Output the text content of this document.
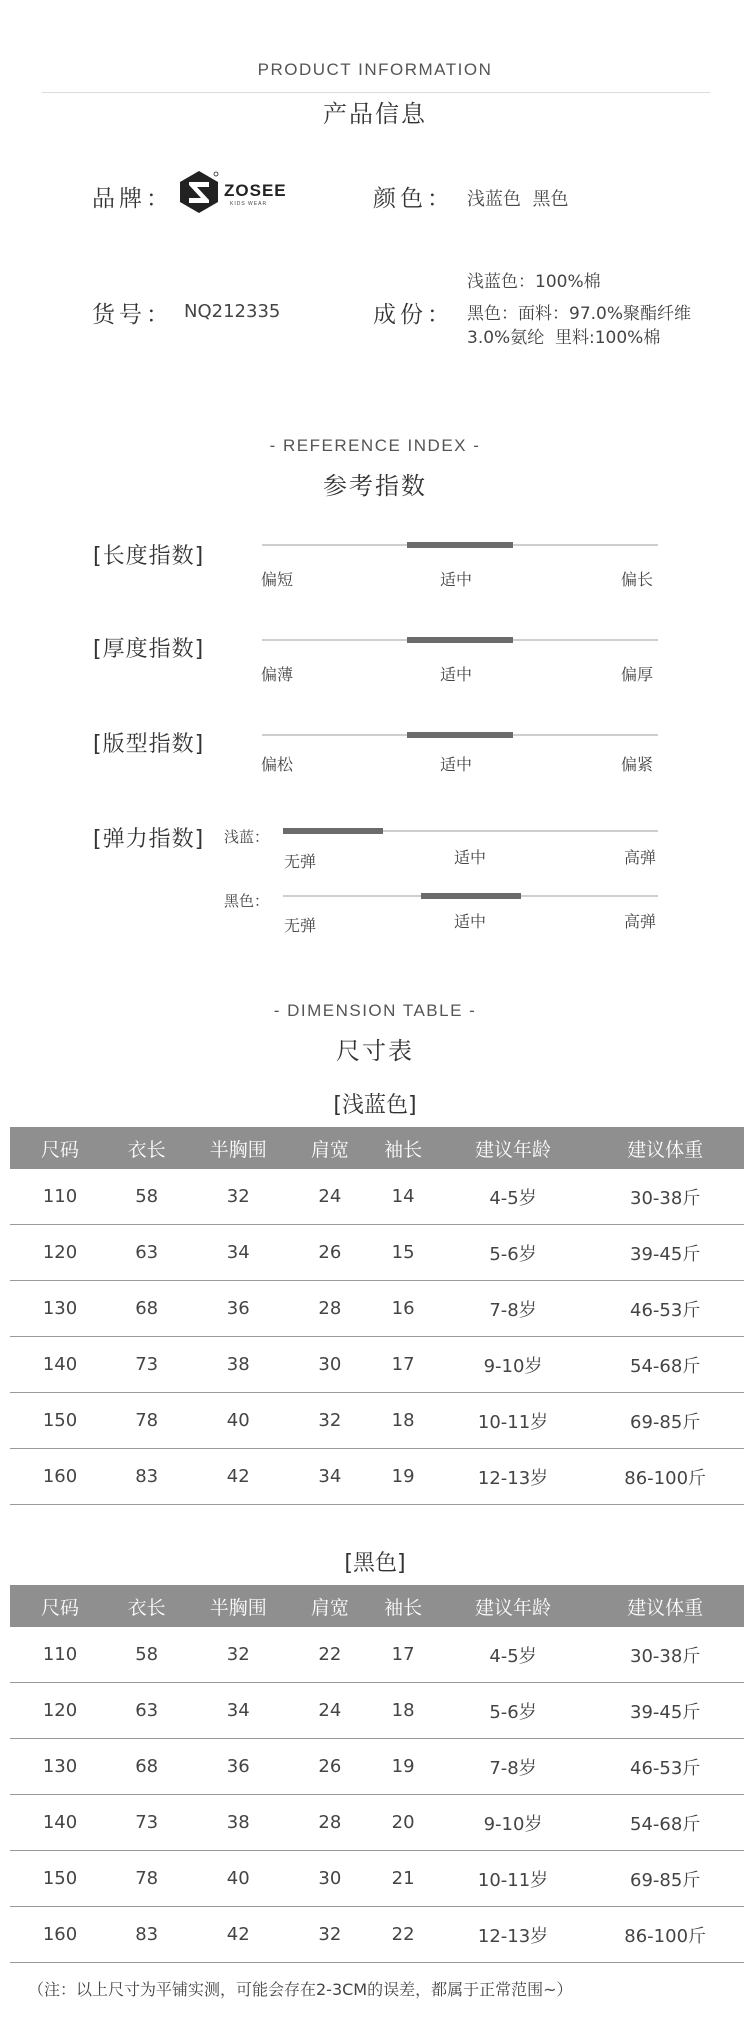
PRODUCT INFORMATION
产品信息
品牌：	ZOSEE
KIDS WEAR	颜色： 浅蓝色  黑色
货号： NQ212335	成份：
浅蓝色：100%棉
黑色：面料：97.0%聚酯纤维
3.0%氨纶  里料:100%棉
- REFERENCE INDEX -
参考指数
[长度指数]
偏短	适中	偏长
[厚度指数]
偏薄	适中	偏厚
[版型指数]
偏松	适中	偏紧
[弹力指数] 浅蓝：
无弹	适中	高弹
黑色：
无弹	适中	高弹
- DIMENSION TABLE -
尺寸表
[浅蓝色]
尺码	衣长	半胸围	肩宽	袖长	建议年龄	建议体重
110	58	32	24	14	4-5岁	30-38斤
120	63	34	26	15	5-6岁	39-45斤
130	68	36	28	16	7-8岁	46-53斤
140	73	38	30	17	9-10岁	54-68斤
150	78	40	32	18	10-11岁	69-85斤
160	83	42	34	19	12-13岁	86-100斤
[黑色]
尺码	衣长	半胸围	肩宽	袖长	建议年龄	建议体重
110	58	32	22	17	4-5岁	30-38斤
120	63	34	24	18	5-6岁	39-45斤
130	68	36	26	19	7-8岁	46-53斤
140	73	38	28	20	9-10岁	54-68斤
150	78	40	30	21	10-11岁	69-85斤
160	83	42	32	22	12-13岁	86-100斤
（注：以上尺寸为平铺实测，可能会存在2-3CM的误差，都属于正常范围~）
